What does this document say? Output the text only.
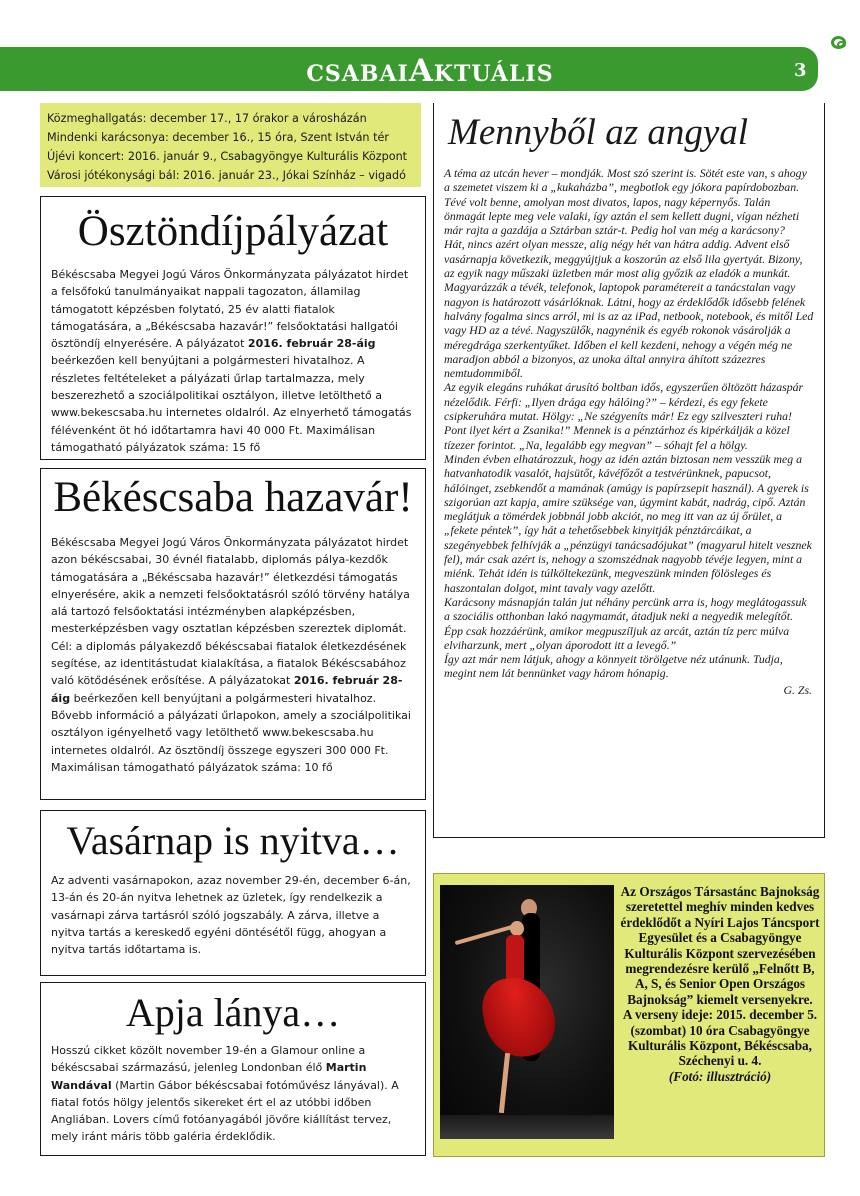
CSABAIAKTUÁLIS	3
Közmeghallgatás: december 17., 17 órakor a városházán
Mindenki karácsonya: december 16., 15 óra, Szent István tér
Újévi koncert: 2016. január 9., Csabagyöngye Kulturális Központ
Városi jótékonysági bál: 2016. január 23., Jókai Színház – vigadó
Ösztöndíjpályázat

Békéscsaba Megyei Jogú Város Önkormányzata pályázatot hirdet a felsőfokú tanulmányaikat nappali tagozaton, államilag támogatott képzésben folytató, 25 év alatti fiatalok támogatására, a „Békéscsaba hazavár!” felsőoktatási hallgatói ösztöndíj elnyerésére. A pályázatot 2016. február 28-áig beérkezően kell benyújtani a polgármesteri hivatalhoz. A részletes feltételeket a pályázati űrlap tartalmazza, mely beszerezhető a szociálpolitikai osztályon, illetve letölthető a www.bekescsaba.hu internetes oldalról. Az elnyerhető támogatás félévenként öt hó időtartamra havi 40 000 Ft. Maximálisan támogatható pályázatok száma: 15 fő

Békéscsaba hazavár!

Békéscsaba Megyei Jogú Város Önkormányzata pályázatot hirdet azon békéscsabai, 30 évnél fiatalabb, diplomás pálya-kezdők támogatására a „Békéscsaba hazavár!” életkezdési támogatás elnyerésére, akik a nemzeti felsőoktatásról szóló törvény hatálya alá tartozó felsőoktatási intézményben alapképzésben, mesterképzésben vagy osztatlan képzésben szereztek diplomát. Cél: a diplomás pályakezdő békéscsabai fiatalok életkezdésének segítése, az identitástudat kialakítása, a fiatalok Békéscsabához való kötődésének erősítése. A pályázatokat 2016. február 28-áig beérkezően kell benyújtani a polgármesteri hivatalhoz. Bővebb információ a pályázati űrlapokon, amely a szociálpolitikai osztályon igényelhető vagy letölthető www.bekescsaba.hu internetes oldalról. Az ösztöndíj összege egyszeri 300 000 Ft. Maximálisan támogatható pályázatok száma: 10 fő

Vasárnap is nyitva…

Az adventi vasárnapokon, azaz november 29-én, december 6-án, 13-án és 20-án nyitva lehetnek az üzletek, így rendelkezik a vasárnapi zárva tartásról szóló jogszabály. A zárva, illetve a nyitva tartás a kereskedő egyéni döntésétől függ, ahogyan a nyitva tartás időtartama is.

Apja lánya…

Hosszú cikket közölt november 19-én a Glamour online a békéscsabai származású, jelenleg Londonban élő Martin Wandával (Martin Gábor békéscsabai fotóművész lányával). A fiatal fotós hölgy jelentős sikereket ért el az utóbbi időben Angliában. Lovers című fotóanyagából jövőre kiállítást tervez, mely iránt máris több galéria érdeklődik.

Mennyből az angyal

A téma az utcán hever – mondják. Most szó szerint is. Sötét este van, s ahogy a szemetet viszem ki a „kukaházba”, megbotlok egy jókora papírdobozban. Tévé volt benne, amolyan most divatos, lapos, nagy képernyős. Talán önmagát lepte meg vele valaki, így aztán el sem kellett dugni, vígan nézheti már rajta a gazdája a Sztárban sztár-t. Pedig hol van még a karácsony?

Hát, nincs azért olyan messze, alig négy hét van hátra addig. Advent első vasárnapja következik, meggyújtjuk a koszorún az első lila gyertyát. Bizony, az egyik nagy műszaki üzletben már most alig győzik az eladók a munkát. Magyarázzák a tévék, telefonok, laptopok paramétereit a tanácstalan vagy nagyon is határozott vásárlóknak. Látni, hogy az érdeklődők idősebb felének halvány fogalma sincs arról, mi is az az iPad, netbook, notebook, és mitől Led vagy HD az a tévé. Nagyszülők, nagynénik és egyéb rokonok vásárolják a méregdrága szerkentyűket. Időben el kell kezdeni, nehogy a végén még ne maradjon abból a bizonyos, az unoka által annyira áhított százezres nemtudommiből.

Az egyik elegáns ruhákat árusító boltban idős, egyszerűen öltözött házaspár nézelődik. Férfi: „Ilyen drága egy hálóing?” – kérdezi, és egy fekete csipkeruhára mutat. Hölgy: „Ne szégyeníts már! Ez egy szilveszteri ruha! Pont ilyet kért a Zsanika!” Mennek is a pénztárhoz és kipérkálják a közel tízezer forintot. „Na, legalább egy megvan” – sóhajt fel a hölgy.

Minden évben elhatározzuk, hogy az idén aztán biztosan nem vesszük meg a hatvanhatodik vasalót, hajsütőt, kávéfőzőt a testvérünknek, papucsot, hálóinget, zsebkendőt a mamának (amúgy is papírzsepit használ). A gyerek is szigorúan azt kapja, amire szüksége van, úgymint kabát, nadrág, cipő. Aztán meglátjuk a tömérdek jobbnál jobb akciót, no meg itt van az új őrület, a „fekete péntek”, így hát a tehetősebbek kinyitják pénztárcáikat, a szegényebbek felhívják a „pénzügyi tanácsadójukat” (magyarul hitelt vesznek fel), már csak azért is, nehogy a szomszédnak nagyobb tévéje legyen, mint a miénk. Tehát idén is túlköltekezünk, megveszünk minden fölösleges és haszontalan dolgot, mint tavaly vagy azelőtt.

Karácsony másnapján talán jut néhány percünk arra is, hogy meglátogassuk a szociális otthonban lakó nagymamát, átadjuk neki a negyedik melegítőt. Épp csak hozzáérünk, amikor megpuszíljuk az arcát, aztán tíz perc múlva elviharzunk, mert „olyan áporodott itt a levegő.”

Így azt már nem látjuk, ahogy a könnyeit törölgetve néz utánunk. Tudja, megint nem lát bennünket vagy három hónapig.

G. Zs.

Az Országos Társastánc Bajnokság szeretettel meghív minden kedves érdeklődőt a Nyíri Lajos Táncsport Egyesület és a Csabagyöngye Kulturális Központ szervezésében megrendezésre kerülő „Felnőtt B, A, S, és Senior Open Országos Bajnokság” kiemelt versenyekre.
A verseny ideje: 2015. december 5. (szombat) 10 óra Csabagyöngye Kulturális Központ, Békéscsaba, Széchenyi u. 4.
(Fotó: illusztráció)
